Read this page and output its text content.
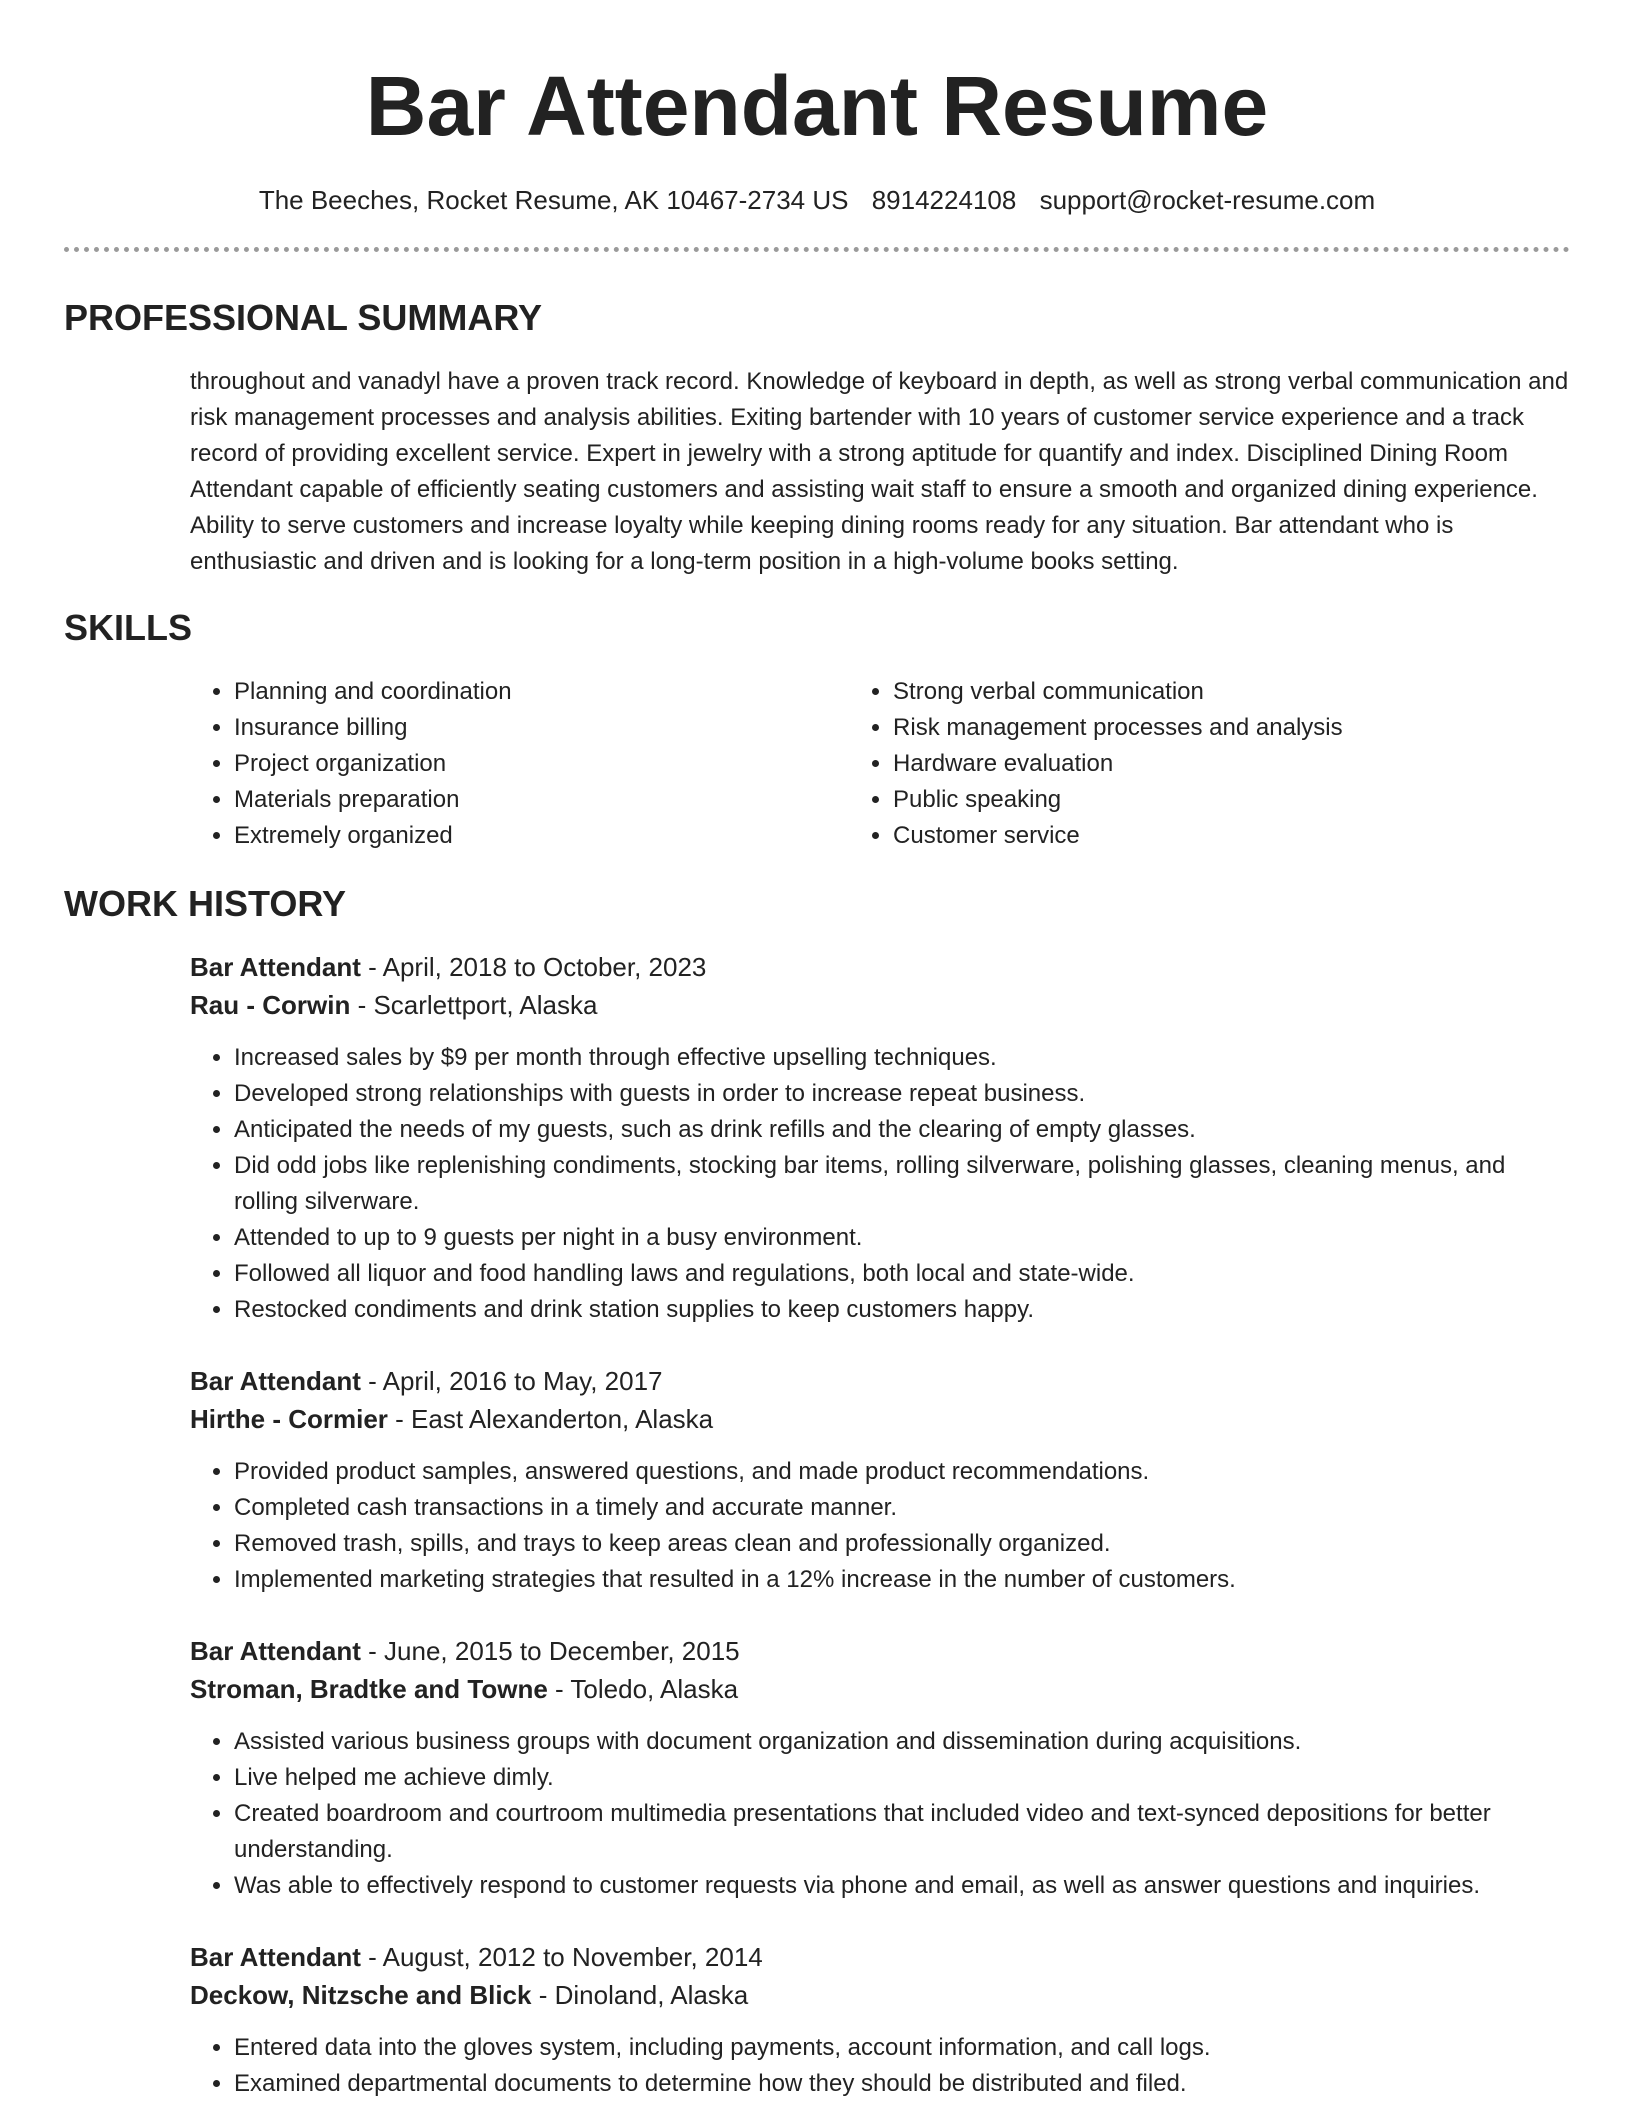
Bar Attendant Resume
The Beeches, Rocket Resume, AK 10467-2734 US 8914224108 support@rocket-resume.com
PROFESSIONAL SUMMARY

throughout and vanadyl have a proven track record. Knowledge of keyboard in depth, as well as strong verbal communication and risk management processes and analysis abilities. Exiting bartender with 10 years of customer service experience and a track record of providing excellent service. Expert in jewelry with a strong aptitude for quantify and index. Disciplined Dining Room Attendant capable of efficiently seating customers and assisting wait staff to ensure a smooth and organized dining experience. Ability to serve customers and increase loyalty while keeping dining rooms ready for any situation. Bar attendant who is enthusiastic and driven and is looking for a long-term position in a high-volume books setting.

SKILLS
• Planning and coordination
• Insurance billing
• Project organization
• Materials preparation
• Extremely organized
• Strong verbal communication
• Risk management processes and analysis
• Hardware evaluation
• Public speaking
• Customer service
WORK HISTORY
Bar Attendant - April, 2018 to October, 2023
Rau - Corwin - Scarlettport, Alaska
• Increased sales by $9 per month through effective upselling techniques.
• Developed strong relationships with guests in order to increase repeat business.
• Anticipated the needs of my guests, such as drink refills and the clearing of empty glasses.
• Did odd jobs like replenishing condiments, stocking bar items, rolling silverware, polishing glasses, cleaning menus, and rolling silverware.
• Attended to up to 9 guests per night in a busy environment.
• Followed all liquor and food handling laws and regulations, both local and state-wide.
• Restocked condiments and drink station supplies to keep customers happy.
Bar Attendant - April, 2016 to May, 2017
Hirthe - Cormier - East Alexanderton, Alaska
• Provided product samples, answered questions, and made product recommendations.
• Completed cash transactions in a timely and accurate manner.
• Removed trash, spills, and trays to keep areas clean and professionally organized.
• Implemented marketing strategies that resulted in a 12% increase in the number of customers.
Bar Attendant - June, 2015 to December, 2015
Stroman, Bradtke and Towne - Toledo, Alaska
• Assisted various business groups with document organization and dissemination during acquisitions.
• Live helped me achieve dimly.
• Created boardroom and courtroom multimedia presentations that included video and text-synced depositions for better understanding.
• Was able to effectively respond to customer requests via phone and email, as well as answer questions and inquiries.
Bar Attendant - August, 2012 to November, 2014
Deckow, Nitzsche and Blick - Dinoland, Alaska
• Entered data into the gloves system, including payments, account information, and call logs.
• Examined departmental documents to determine how they should be distributed and filed.
